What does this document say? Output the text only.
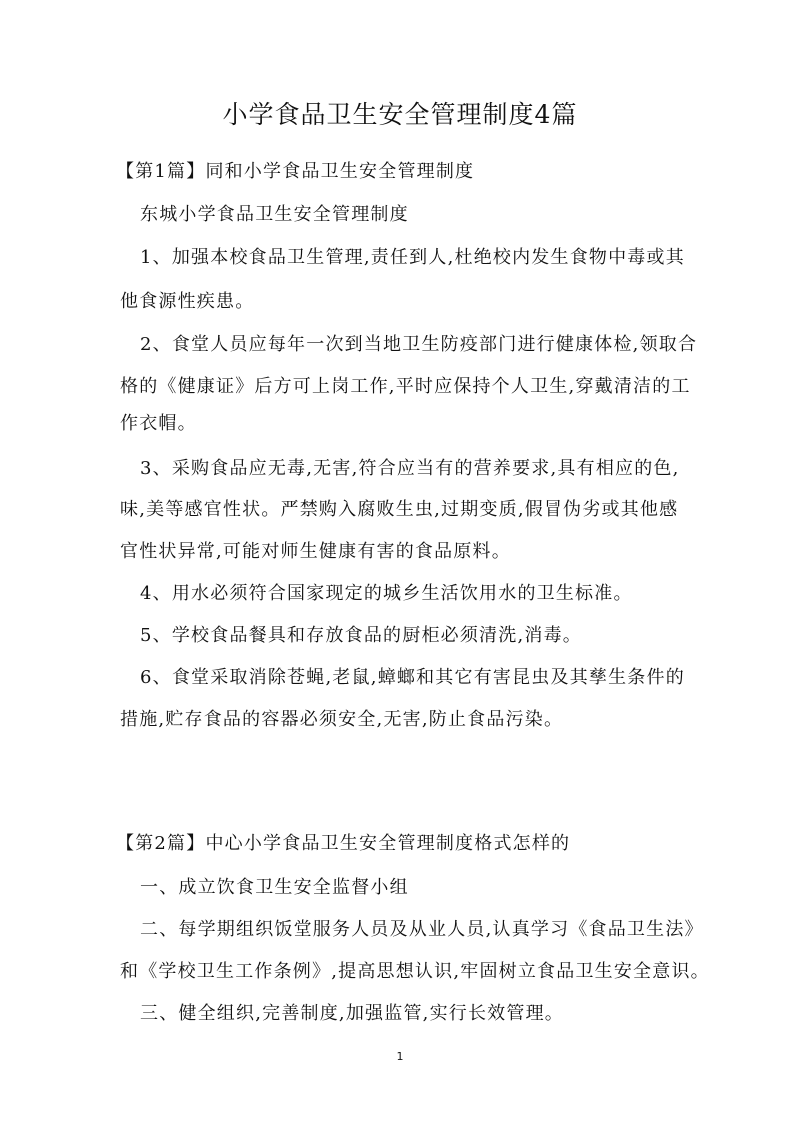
小学食品卫生安全管理制度4篇

【第1篇】同和小学食品卫生安全管理制度

东城小学食品卫生安全管理制度

1、加强本校食品卫生管理,责任到人,杜绝校内发生食物中毒或其

他食源性疾患。

2、食堂人员应每年一次到当地卫生防疫部门进行健康体检,领取合

格的《健康证》后方可上岗工作,平时应保持个人卫生,穿戴清洁的工

作衣帽。

3、采购食品应无毒,无害,符合应当有的营养要求,具有相应的色,

味,美等感官性状。严禁购入腐败生虫,过期变质,假冒伪劣或其他感

官性状异常,可能对师生健康有害的食品原料。

4、用水必须符合国家现定的城乡生活饮用水的卫生标准。

5、学校食品餐具和存放食品的厨柜必须清洗,消毒。

6、食堂采取消除苍蝇,老鼠,蟑螂和其它有害昆虫及其孳生条件的

措施,贮存食品的容器必须安全,无害,防止食品污染。

【第2篇】中心小学食品卫生安全管理制度格式怎样的

一、成立饮食卫生安全监督小组

二、每学期组织饭堂服务人员及从业人员,认真学习《食品卫生法》

和《学校卫生工作条例》,提高思想认识,牢固树立食品卫生安全意识。

三、健全组织,完善制度,加强监管,实行长效管理。

1
